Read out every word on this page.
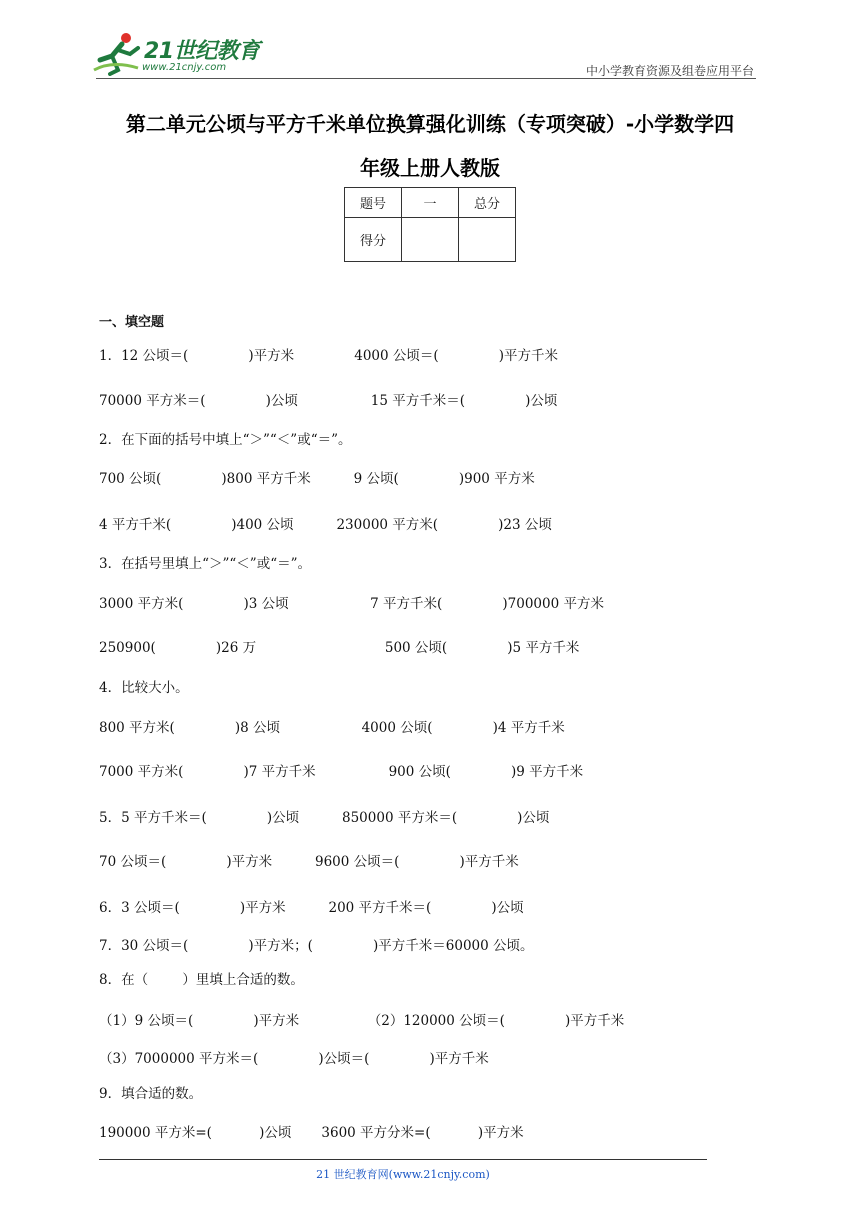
21世纪教育
www.21cnjy.com	中小学教育资源及组卷应用平台
第二单元公顷与平方千米单位换算强化训练（专项突破）-小学数学四
年级上册人教版
题号	一	总分
得分		
一、填空题
1．12 公顷＝(              )平方米              4000 公顷＝(              )平方千米
70000 平方米＝(              )公顷                 15 平方千米＝(              )公顷
2．在下面的括号中填上“＞”“＜”或“＝”。
700 公顷(              )800 平方千米          9 公顷(              )900 平方米
4 平方千米(              )400 公顷          230000 平方米(              )23 公顷
3．在括号里填上“＞”“＜”或“＝”。
3000 平方米(              )3 公顷                   7 平方千米(              )700000 平方米
250900(              )26 万                              500 公顷(              )5 平方千米
4．比较大小。
800 平方米(              )8 公顷                   4000 公顷(              )4 平方千米
7000 平方米(              )7 平方千米                 900 公顷(              )9 平方千米
5．5 平方千米＝(              )公顷          850000 平方米＝(              )公顷
70 公顷＝(              )平方米          9600 公顷＝(              )平方千米
6．3 公顷＝(              )平方米          200 平方千米＝(              )公顷
7．30 公顷＝(              )平方米；(              )平方千米＝60000 公顷。
8．在（        ）里填上合适的数。
（1）9 公顷＝(              )平方米                （2）120000 公顷＝(              )平方千米
（3）7000000 平方米＝(              )公顷＝(              )平方千米
9．填合适的数。
190000 平方米=(           )公顷       3600 平方分米=(           )平方米
21 世纪教育网(www.21cnjy.com)
